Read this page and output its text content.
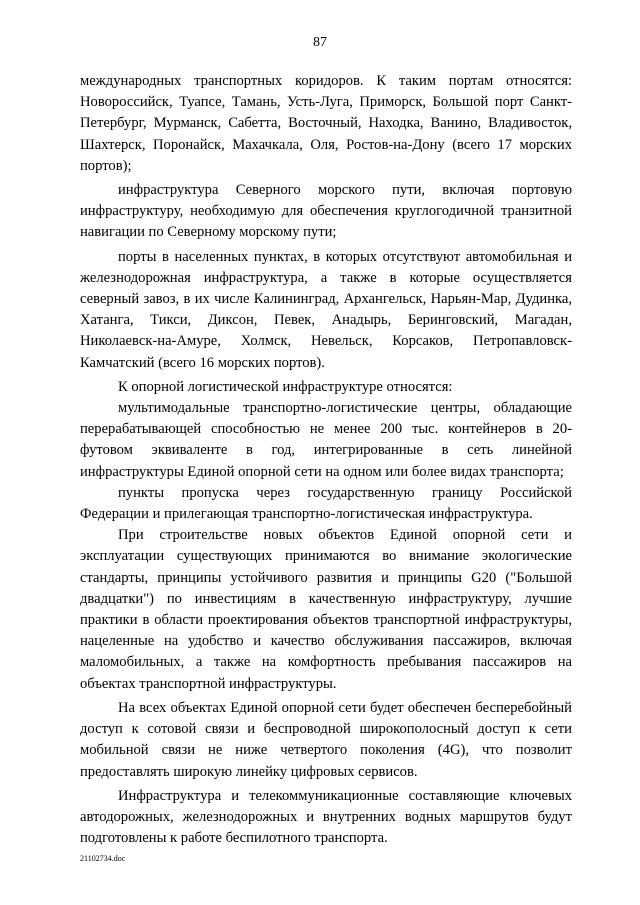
87

международных транспортных коридоров. К таким портам относятся: Новороссийск, Туапсе, Тамань, Усть-Луга, Приморск, Большой порт Санкт-Петербург, Мурманск, Сабетта, Восточный, Находка, Ванино, Владивосток, Шахтерск, Поронайск, Махачкала, Оля, Ростов-на-Дону (всего 17 морских портов);

инфраструктура Северного морского пути, включая портовую инфраструктуру, необходимую для обеспечения круглогодичной транзитной навигации по Северному морскому пути;

порты в населенных пунктах, в которых отсутствуют автомобильная и железнодорожная инфраструктура, а также в которые осуществляется северный завоз, в их числе Калининград, Архангельск, Нарьян-Мар, Дудинка, Хатанга, Тикси, Диксон, Певек, Анадырь, Беринговский, Магадан, Николаевск-на-Амуре, Холмск, Невельск, Корсаков, Петропавловск-Камчатский (всего 16 морских портов).

К опорной логистической инфраструктуре относятся:

мультимодальные транспортно-логистические центры, обладающие перерабатывающей способностью не менее 200 тыс. контейнеров в 20-футовом эквиваленте в год, интегрированные в сеть линейной инфраструктуры Единой опорной сети на одном или более видах транспорта;

пункты пропуска через государственную границу Российской Федерации и прилегающая транспортно-логистическая инфраструктура.

При строительстве новых объектов Единой опорной сети и эксплуатации существующих принимаются во внимание экологические стандарты, принципы устойчивого развития и принципы G20 ("Большой двадцатки") по инвестициям в качественную инфраструктуру, лучшие практики в области проектирования объектов транспортной инфраструктуры, нацеленные на удобство и качество обслуживания пассажиров, включая маломобильных, а также на комфортность пребывания пассажиров на объектах транспортной инфраструктуры.

На всех объектах Единой опорной сети будет обеспечен бесперебойный доступ к сотовой связи и беспроводной широкополосный доступ к сети мобильной связи не ниже четвертого поколения (4G), что позволит предоставлять широкую линейку цифровых сервисов.

Инфраструктура и телекоммуникационные составляющие ключевых автодорожных, железнодорожных и внутренних водных маршрутов будут подготовлены к работе беспилотного транспорта.

21102734.doc
